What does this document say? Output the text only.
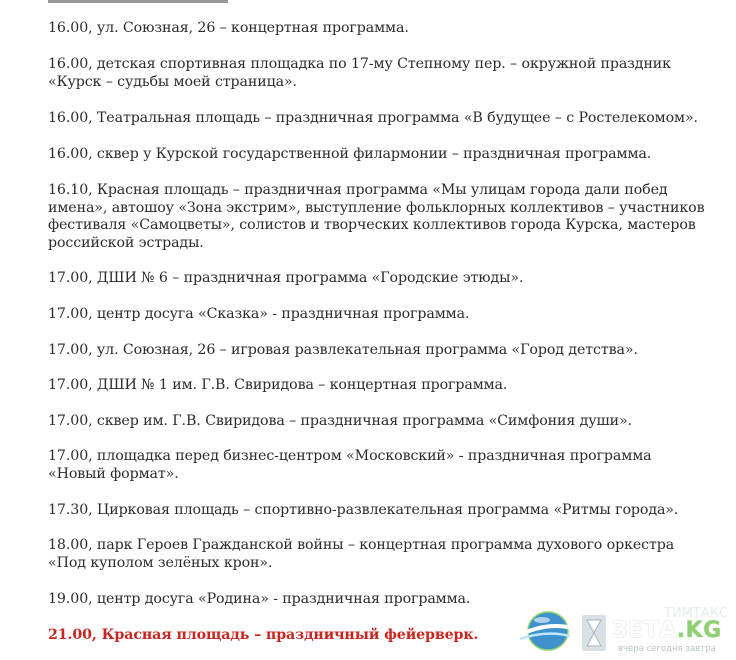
16.00, ул. Союзная, 26 – концертная программа.

16.00, детская спортивная площадка по 17-му Степному пер. – окружной праздник «Курск – судьбы моей страница».

16.00, Театральная площадь – праздничная программа «В будущее – с Ростелекомом».

16.00, сквер у Курской государственной филармонии – праздничная программа.

16.10, Красная площадь – праздничная программа «Мы улицам города дали побед имена», автошоу «Зона экстрим», выступление фольклорных коллективов – участников фестиваля «Самоцветы», солистов и творческих коллективов города Курска, мастеров российской эстрады.

17.00, ДШИ № 6 – праздничная программа «Городские этюды».

17.00, центр досуга «Сказка» - праздничная программа.

17.00, ул. Союзная, 26 – игровая развлекательная программа «Город детства».

17.00, ДШИ № 1 им. Г.В. Свиридова – концертная программа.

17.00, сквер им. Г.В. Свиридова – праздничная программа «Симфония души».

17.00, площадка перед бизнес-центром «Московский» - праздничная программа «Новый формат».

17.30, Цирковая площадь – спортивно-развлекательная программа «Ритмы города».

18.00, парк Героев Гражданской войны – концертная программа духового оркестра «Под куполом зелёных крон».

19.00, центр досуга «Родина» - праздничная программа.

21.00, Красная площадь – праздничный фейерверк.

ТИМТАКС
ЗЕТА.KG
вчера сегодня завтра
